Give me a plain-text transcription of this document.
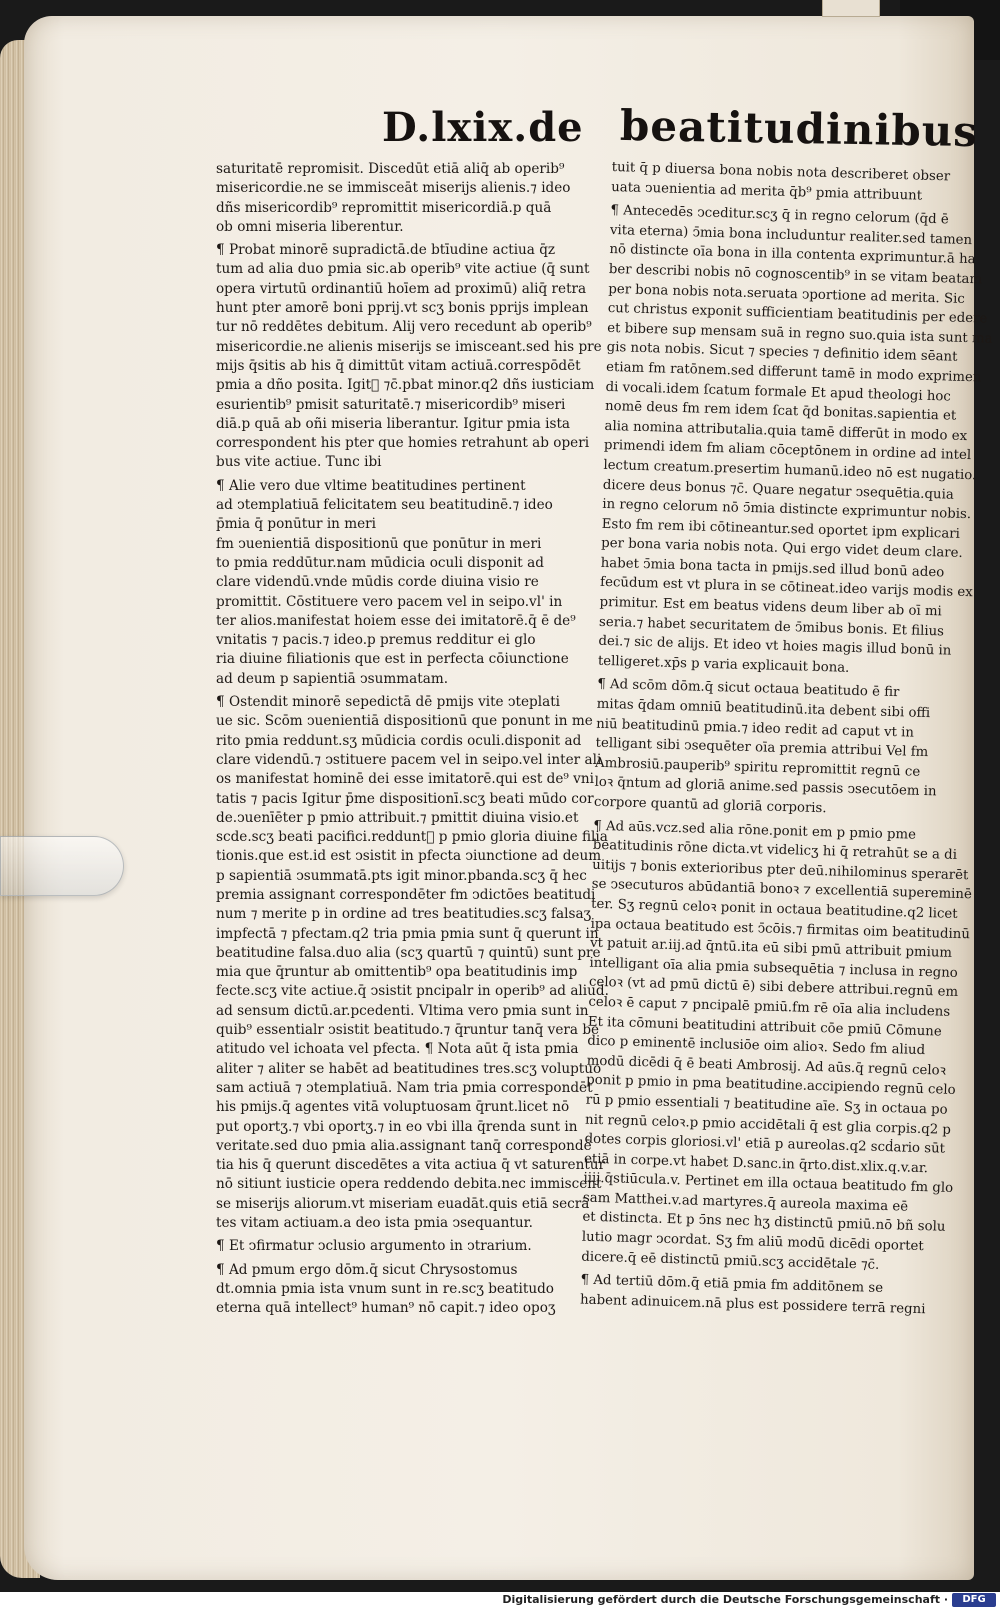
D.lxix.de beatitudinibus

saturitatē repromisit. Discedūt etiā aliq̄ ab operib⁹
misericordie.ne se immisceāt miserijs alienis.⁊ ideo
dñs misericordib⁹ repromittit misericordiā.p quā
ob omni miseria liberentur.

¶ Probat minorē supradictā.de btīudine actiua q̄z
tum ad alia duo pmia sic.ab operib⁹ vite actiue (q̄ sunt
opera virtutū ordinantiū hoīem ad proximū) aliq̄ retra
hunt pter amorē boni pprij.vt scʒ bonis pprijs implean
tur nō reddētes debitum. Alij vero recedunt ab operib⁹
misericordie.ne alienis miserijs se imisceant.sed his pre
mijs q̄sitis ab his q̄ dimittūt vitam actiuā.correspōdēt
pmia a dño posita. Igitᷣ ⁊c̄.pbat minor.q2 dñs iusticiam
esurientib⁹ pmisit saturitatē.⁊ misericordib⁹ miseri
diā.p quā ab oñi miseria liberantur. Igitur pmia ista
correspondent his pter que homies retrahunt ab operi
bus vite actiue. Tunc ibi

¶ Alie vero due vltime beatitudines pertinent
ad ↄtemplatiuā felicitatem seu beatitudinē.⁊ ideo
p̄mia q̄ ponūtur in meri
fm ↄuenientiā dispositionū que ponūtur in meri
to pmia reddūtur.nam mūdicia oculi disponit ad
clare videndū.vnde mūdis corde diuina visio re
promittit. Cōstituere vero pacem vel in seipo.vl' in
ter alios.manifestat hoiem esse dei imitatorē.q̄ ē de⁹
vnitatis ⁊ pacis.⁊ ideo.p premus redditur ei glo
ria diuine filiationis que est in perfecta cōiunctione
ad deum p sapientiā ↄsummatam.

¶ Ostendit minorē sepedictā dē pmijs vite ↄteplati
ue sic. Scōm ↄuenientiā dispositionū que ponunt in me
rito pmia reddunt.sʒ mūdicia cordis oculi.disponit ad
clare videndū.⁊ ↄstituere pacem vel in seipo.vel inter ali
os manifestat hominē dei esse imitatorē.qui est de⁹ vni
tatis ⁊ pacis Igitur p̄me dispositionī.scʒ beati mūdo cor
de.ↄuenīēter p pmio attribuit.⁊ pmittit diuina visio.et
scde.scʒ beati pacifici.redduntᷣ p pmio gloria diuine filia
tionis.que est.id est ↄsistit in pfecta ↄiunctione ad deum
p sapientiā ↄsummatā.pts igit minor.pbanda.scʒ q̄ hec
premia assignant correspondēter fm ↄdictōes beatitudi
num ⁊ merite p in ordine ad tres beatitudies.scʒ falsaʒ
impfectā ⁊ pfectam.q2 tria pmia pmia sunt q̄ querunt in
beatitudine falsa.duo alia (scʒ quartū ⁊ quintū) sunt pre
mia que q̄runtur ab omittentib⁹ opa beatitudinis imp
fecte.scʒ vite actiue.q̄ ↄsistit pncipalr in operib⁹ ad aliud.
ad sensum dictū.ar.pcedenti. Vltima vero pmia sunt in
quib⁹ essentialr ↄsistit beatitudo.⁊ q̄runtur tanq̄ vera be
atitudo vel ichoata vel pfecta. ¶ Nota aūt q̄ ista pmia
aliter ⁊ aliter se habēt ad beatitudines tres.scʒ voluptuo
sam actiuā ⁊ ↄtemplatiuā. Nam tria pmia correspondēt
his pmijs.q̄ agentes vitā voluptuosam q̄runt.licet nō
put oportʒ.⁊ vbi oportʒ.⁊ in eo vbi illa q̄renda sunt in
veritate.sed duo pmia alia.assignant tanq̄ correspondē
tia his q̄ querunt discedētes a vita actiua q̄ vt saturentur
nō sitiunt iusticie opera reddendo debita.nec immiscent
se miserijs aliorum.vt miseriam euadāt.quis etiā secrā
tes vitam actiuam.a deo ista pmia ↄsequantur.

¶ Et ↄfirmatur ↄclusio argumento in ↄtrarium.

¶ Ad pmum ergo dōm.q̄ sicut Chrysostomus
dt.omnia pmia ista vnum sunt in re.scʒ beatitudo
eterna quā intellect⁹ human⁹ nō capit.⁊ ideo opoʒ

tuit q̄ p diuersa bona nobis nota describeret obser
uata ↄuenientia ad merita q̄b⁹ pmia attribuunt

¶ Antecedēs ↄceditur.scʒ q̄ in regno celorum (q̄d ē
vita eterna) ↄ̄mia bona includuntur realiter.sed tamen
nō distincte oīa bona in illa contenta exprimuntur.ā ha
ber describi nobis nō cognoscentib⁹ in se vitam beatam
per bona nobis nota.seruata ↄportione ad merita. Sic
cut christus exponit sufficientiam beatitudinis per edere
et bibere sup mensam suā in regno suo.quia ista sunt ma
gis nota nobis. Sicut ⁊ species ⁊ definitio idem sēant
etiam fm ratōnem.sed differunt tamē in modo exprimen
di vocali.idem ſcatum formale Et apud theologi hoc
nomē deus fm rem idem ſcat q̄d bonitas.sapientia et
alia nomina attributalia.quia tamē differūt in modo ex
primendi idem fm aliam cōceptōnem in ordine ad intel
lectum creatum.presertim humanū.ideo nō est nugatio.
dicere deus bonus ⁊c̄. Quare negatur ↄsequētia.quia
in regno celorum nō ↄ̄mia distincte exprimuntur nobis.
Esto fm rem ibi cōtineantur.sed oportet ipm explicari
per bona varia nobis nota. Qui ergo videt deum clare.
habet ↄ̄mia bona tacta in pmijs.sed illud bonū adeo
fecūdum est vt plura in se cōtineat.ideo varijs modis ex
primitur. Est em beatus videns deum liber ab oī mi
seria.⁊ habet securitatem de ↄ̄mibus bonis. Et filius
dei.⁊ sic de alijs. Et ideo vt hoies magis illud bonū in
telligeret.xp̄s p varia explicauit bona.

¶ Ad scōm dōm.q̄ sicut octaua beatitudo ē fir
mitas q̄dam omniū beatitudinū.ita debent sibi offi
niū beatitudinū pmia.⁊ ideo redit ad caput vt in
telligant sibi ↄsequēter oīa premia attribui Vel fm
Ambrosiū.pauperib⁹ spiritu repromittit regnū ce
loꝛ q̄ntum ad gloriā anime.sed passis ↄsecutōem in
corpore quantū ad gloriā corporis.

¶ Ad aūs.vcz.sed alia rōne.ponit em p pmio pme
beatitudinis rōne dicta.vt videlicʒ hi q̄ retrahūt se a di
uitijs ⁊ bonis exterioribus pter deū.nihilominus sperarēt
se ↄsecuturos abūdantiā bonoꝛ ⁊ excellentiā supereminē
ter. Sʒ regnū celoꝛ ponit in octaua beatitudine.q2 licet
ipa octaua beatitudo est ↄ̄cōis.⁊ firmitas oim beatitudinū
vt patuit ar.iij.ad q̄ntū.ita eū sibi pmū attribuit pmium
intelligant oīa alia pmia subsequētia ⁊ inclusa in regno
celoꝛ (vt ad pmū dictū ē) sibi debere attribui.regnū em
celoꝛ ē caput ⁊ pncipalē pmiū.fm rē oīa alia includens
Et ita cōmuni beatitudini attribuit cōe pmiū Cōmune
dico p eminentē inclusiōe oim alioꝛ. Sedo fm aliud
modū dicēdi q̄ ē beati Ambrosij. Ad aūs.q̄ regnū celoꝛ
ponit p pmio in pma beatitudine.accipiendo regnū celo
rū p pmio essentiali ⁊ beatitudine aīe. Sʒ in octaua po
nit regnū celoꝛ.p pmio accidētali q̄ est glia corpis.q2 p
dotes corpis gloriosi.vl' etiā p aureolas.q2 scḋario sūt
etiā in corpe.vt habet D.sanc.in q̄rto.dist.xlix.q.v.ar.
iiij.q̄stiūcula.v. Pertinet em illa octaua beatitudo fm glo
sam Matthei.v.ad martyres.q̄ aureola maxima eē
et distincta. Et p ↄ̄ns nec hʒ distinctū pmiū.nō bñ solu
lutio magr ↄcordat. Sʒ fm aliū modū dicēdi oportet
dicere.q̄ eē distinctū pmiū.scʒ accidētale ⁊c̄.

¶ Ad tertiū dōm.q̄ etiā pmia fm additōnem se
habent adinuicem.nā plus est possidere terrā regni

Digitalisierung gefördert durch die Deutsche Forschungsgemeinschaft ·	DFG
